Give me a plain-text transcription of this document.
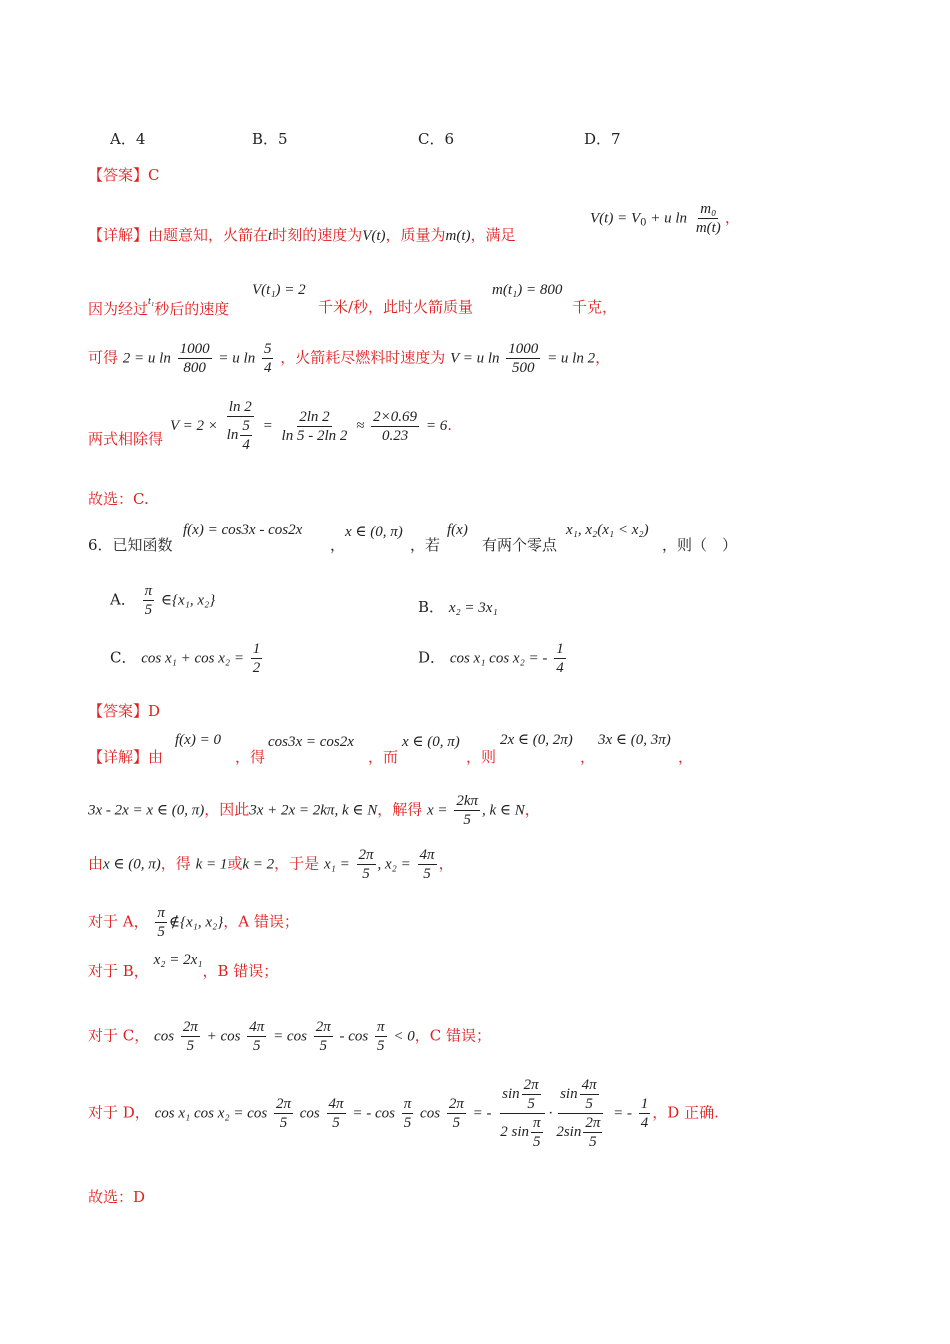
A．4	B．5	C．6	D．7
【答案】C
【详解】由题意知，火箭在t时刻的速度为V(t)，质量为m(t)，满足
$V(t) = V_0 + u$ $\ln \frac{\text{m₀}}{m(t)}$ ，
因为经过$^{t_1}$秒后的速度
V(t₁) = 2
千米/秒，此时火箭质量
m(t₁) = 800
千克，
可得 2 = u $\ln \frac{1000}{800} = u$ $\ln \frac{5}{4}$ ，火箭耗尽燃料时速度为 V = u $\ln \frac{1000}{500} = u$ ln 2，
两式相除得
$V = 2 \times \frac{\ln 2}{\ln \frac{5}{4}} = \frac{2\ln 2}{\ln 5 - 2\ln 2} \approx \frac{2\times 0.69}{0.23} = 6$.
故选：C.
6．已知函数
f(x) = cos3x - cos2x
，
x ∈ (0, π)
，若
f(x)
有两个零点
x₁, x₂(x₁ < x₂)
，则（　）
A． $\frac{\pi}{5}$ ∈{x₁, x₂}	B． x₂ = 3x₁
C． $\cos x_1 + \cos x_2 = \frac{1}{2}$	D． cos x₁ cos x₂ = - $\frac{1}{4}$
【答案】D
【详解】由
f(x) = 0
，得
cos3x = cos2x
，而
x ∈ (0, π)
，则
2x ∈ (0, 2π)
，
3x ∈ (0, 3π)
，
3x - 2x = x ∈ (0, π)，因此3x + 2x = 2kπ, k ∈ N，解得 $x = \frac{2k\pi}{5}$ , k ∈ N，
由x ∈ (0, π)，得 k = 1或k = 2，于是 $x_1 = \frac{2\pi}{5}$ , $x_2 = \frac{4\pi}{5}$ ，
对于 A， $\frac{\pi}{5}$ ∉{x₁, x₂}，A 错误；
对于 B， x₂ = 2x₁，B 错误；
对于 C， $\cos \frac{2\pi}{5} + \cos \frac{4\pi}{5} = \cos \frac{2\pi}{5} - \cos \frac{\pi}{5} < 0$，C 错误；
对于 D， cos x₁ $\cos x_2 = \cos \frac{2\pi}{5}$ $\cos \frac{4\pi}{5}$ = - $\cos \frac{\pi}{5}$ $\cos \frac{2\pi}{5}$ = - $\frac{\sin \frac{2\pi}{5}}{2 \sin \frac{\pi}{5}} \cdot \frac{\sin \frac{4\pi}{5}}{2\sin \frac{2\pi}{5}}$ = - $\frac{1}{4}$ ，D 正确.
故选：D
